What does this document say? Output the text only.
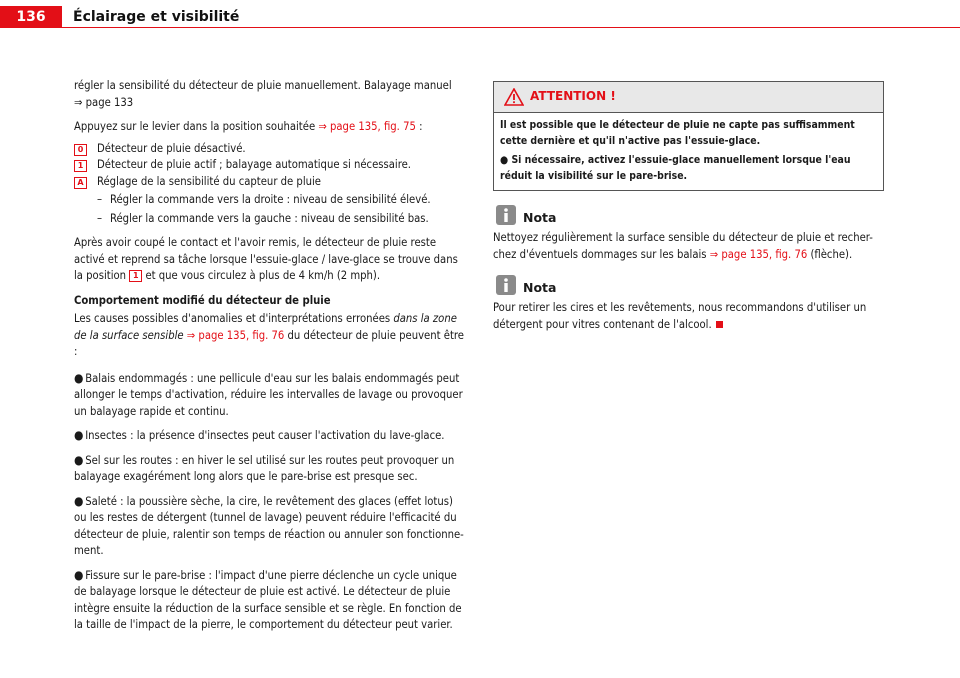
136	Éclairage et visibilité

régler la sensibilité du détecteur de pluie manuellement. Balayage manuel
⇒ page 133

Appuyez sur le levier dans la position souhaitée ⇒ page 135, fig. 75 :

0	Détecteur de pluie désactivé.
1	Détecteur de pluie actif ; balayage automatique si nécessaire.
A	Réglage de la sensibilité du capteur de pluie
– Régler la commande vers la droite : niveau de sensibilité élevé.
– Régler la commande vers la gauche : niveau de sensibilité bas.

Après avoir coupé le contact et l'avoir remis, le détecteur de pluie reste activé et reprend sa tâche lorsque l'essuie-glace / lave-glace se trouve dans la position 1 et que vous circulez à plus de 4 km/h (2 mph).

Comportement modifié du détecteur de pluie

Les causes possibles d'anomalies et d'interprétations erronées dans la zone de la surface sensible ⇒ page 135, fig. 76 du détecteur de pluie peuvent être :

● Balais endommagés : une pellicule d'eau sur les balais endommagés peut allonger le temps d'activation, réduire les intervalles de lavage ou provoquer un balayage rapide et continu.

● Insectes : la présence d'insectes peut causer l'activation du lave-glace.

● Sel sur les routes : en hiver le sel utilisé sur les routes peut provoquer un balayage exagérément long alors que le pare-brise est presque sec.

● Saleté : la poussière sèche, la cire, le revêtement des glaces (effet lotus) ou les restes de détergent (tunnel de lavage) peuvent réduire l'efficacité du détecteur de pluie, ralentir son temps de réaction ou annuler son fonctionne-ment.

● Fissure sur le pare-brise : l'impact d'une pierre déclenche un cycle unique de balayage lorsque le détecteur de pluie est activé. Le détecteur de pluie intègre ensuite la réduction de la surface sensible et se règle. En fonction de la taille de l'impact de la pierre, le comportement du détecteur peut varier.

ATTENTION !

Il est possible que le détecteur de pluie ne capte pas suffisamment cette dernière et qu'il n'active pas l'essuie-glace.

● Si nécessaire, activez l'essuie-glace manuellement lorsque l'eau réduit la visibilité sur le pare-brise.

Nota

Nettoyez régulièrement la surface sensible du détecteur de pluie et recher-chez d'éventuels dommages sur les balais ⇒ page 135, fig. 76 (flèche).

Nota

Pour retirer les cires et les revêtements, nous recommandons d'utiliser un détergent pour vitres contenant de l'alcool.
